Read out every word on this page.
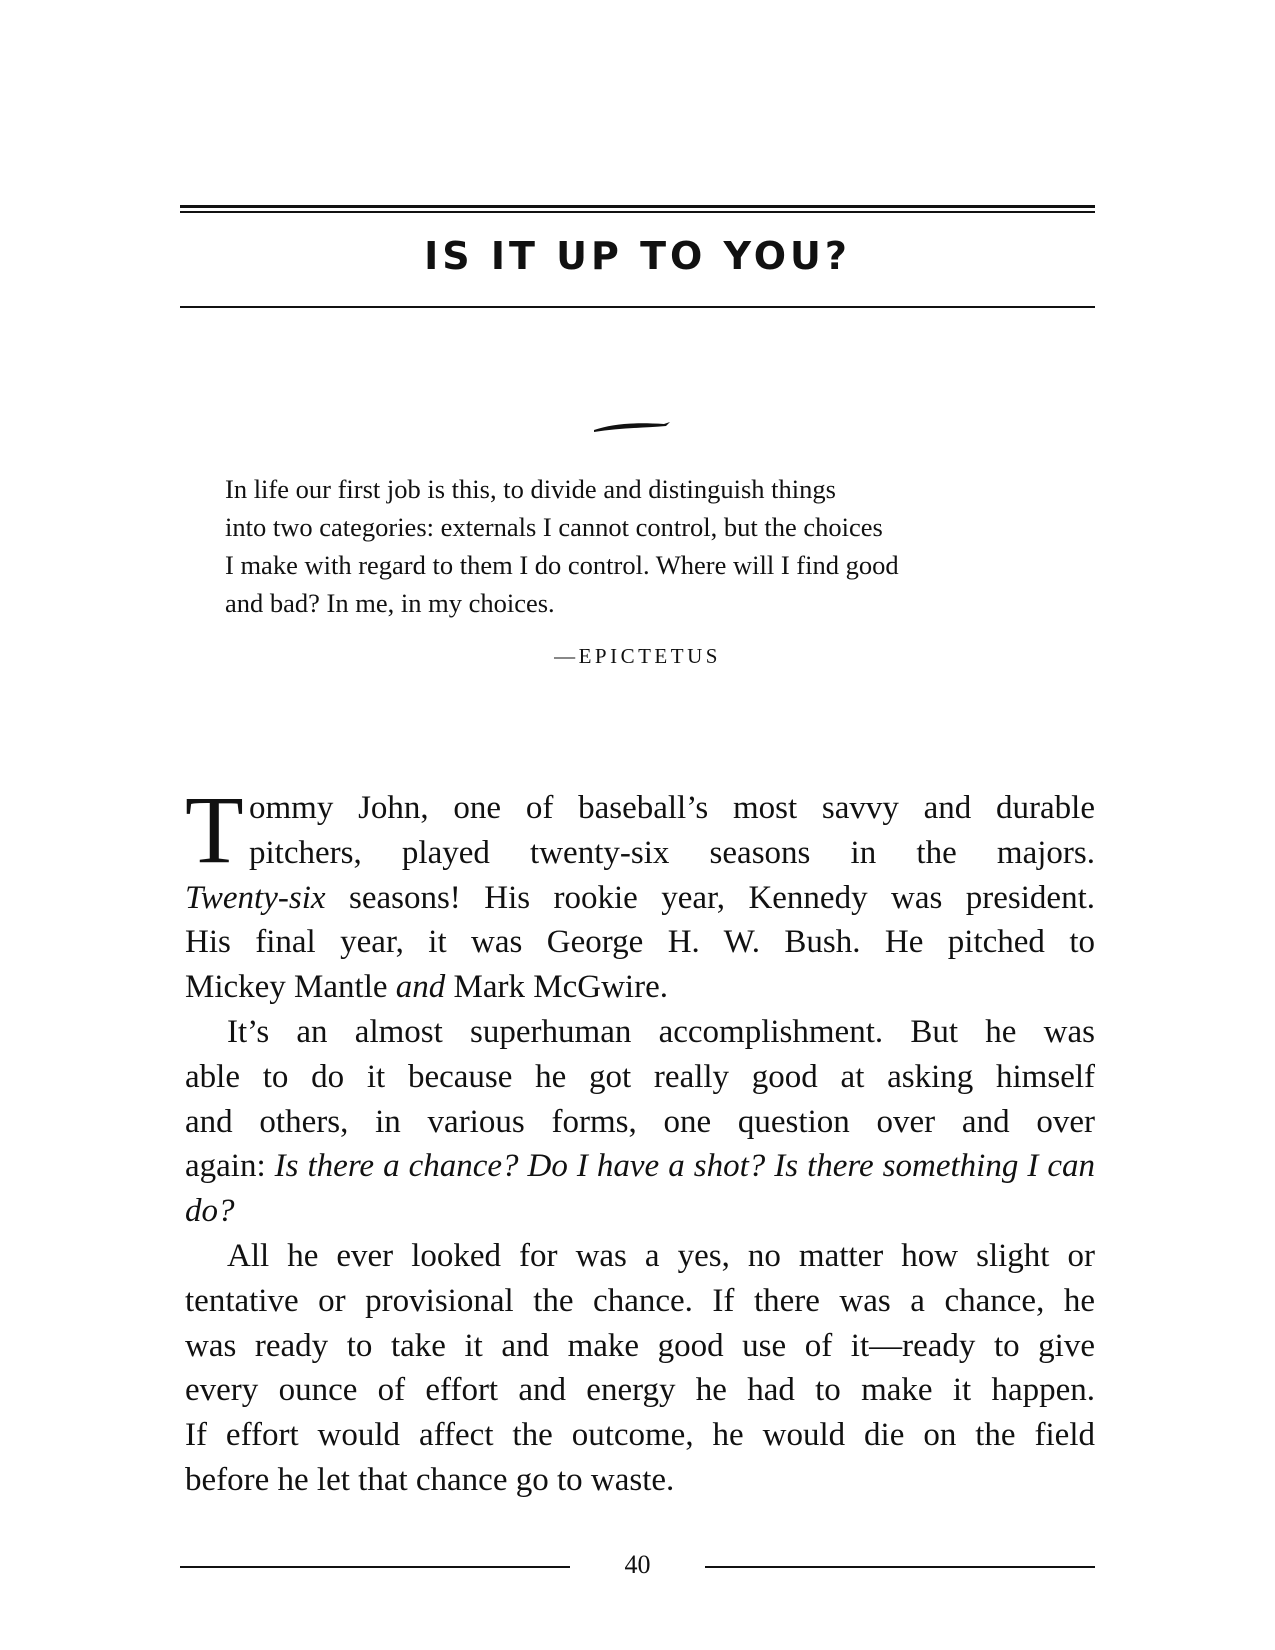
IS IT UP TO YOU?
In life our first job is this, to divide and distinguish things
into two categories: externals I cannot control, but the choices
I make with regard to them I do control. Where will I find good
and bad? In me, in my choices.
—EPICTETUS
T ommy John, one of baseball’s most savvy and durable
pitchers, played twenty-six seasons in the majors.
Twenty-six seasons! His rookie year, Kennedy was president.
His final year, it was George H. W. Bush. He pitched to
Mickey Mantle and Mark McGwire.
It’s an almost superhuman accomplishment. But he was
able to do it because he got really good at asking himself
and others, in various forms, one question over and over
again: Is there a chance? Do I have a shot? Is there something I can
do?
All he ever looked for was a yes, no matter how slight or
tentative or provisional the chance. If there was a chance, he
was ready to take it and make good use of it—ready to give
every ounce of effort and energy he had to make it happen.
If effort would affect the outcome, he would die on the field
before he let that chance go to waste.
40
